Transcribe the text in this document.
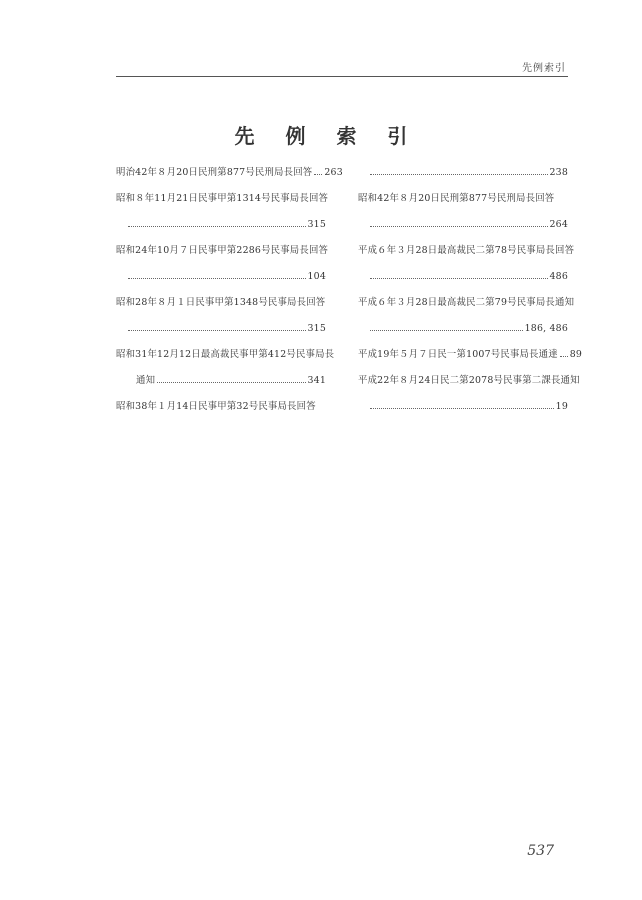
先例索引
先 例 索 引
明治42年８月20日民刑第877号民刑局長回答 263
昭和８年11月21日民事甲第1314号民事局長回答
315
昭和24年10月７日民事甲第2286号民事局長回答
104
昭和28年８月１日民事甲第1348号民事局長回答
315
昭和31年12月12日最高裁民事甲第412号民事局長
通知	341
昭和38年１月14日民事甲第32号民事局長回答
238
昭和42年８月20日民刑第877号民刑局長回答
264
平成６年３月28日最高裁民二第78号民事局長回答
486
平成６年３月28日最高裁民二第79号民事局長通知
186, 486
平成19年５月７日民一第1007号民事局長通達 89
平成22年８月24日民二第2078号民事第二課長通知
19
537
